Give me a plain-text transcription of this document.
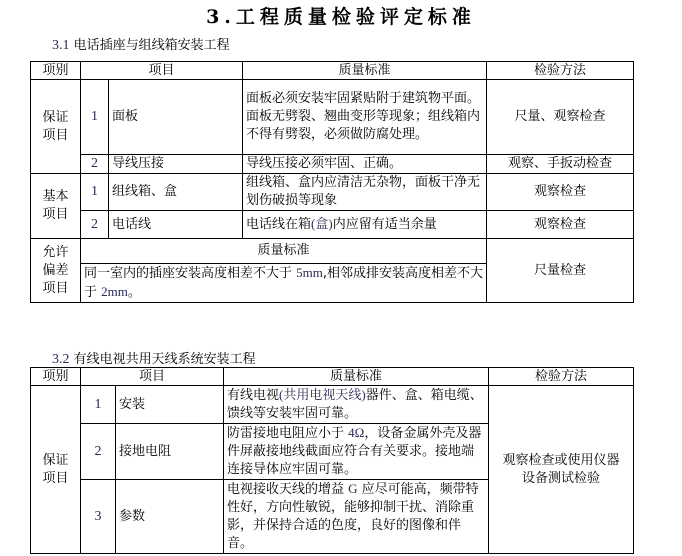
3.工程质量检验评定标准
3.1 电话插座与组线箱安装工程
项别	项目		质量标准	检验方法
保证项目	1	面板	面板必须安装牢固紧贴附于建筑物平面。面板无劈裂、翘曲变形等现象；组线箱内不得有劈裂，必须做防腐处理。	尺量、观察检查
	2	导线压接	导线压接必须牢固、正确。	观察、手扳动检查
基本项目	1	组线箱、盒	组线箱、盒内应清洁无杂物，面板干净无划伤破损等现象	观察检查
	2	电话线	电话线在箱(盒)内应留有适当余量	观察检查
允许偏差项目	质量标准			尺量检查
	同一室内的插座安装高度相差不大于 5mm,相邻成排安装高度相差不大于 2mm。			
3.2 有线电视共用天线系统安装工程
项别	项目		质量标准	检验方法
保证项目	1	安装	有线电视(共用电视天线)器件、盒、箱电缆、馈线等安装牢固可靠。	观察检查或使用仪器设备测试检验
	2	接地电阻	防雷接地电阻应小于 4Ω，设备金属外壳及器件屏蔽接地线截面应符合有关要求。接地端连接导体应牢固可靠。	
	3	参数	电视接收天线的增益 G 应尽可能高，频带特性好，方向性敏锐，能够抑制干扰、消除重影，并保持合适的色度，良好的图像和伴音。	
